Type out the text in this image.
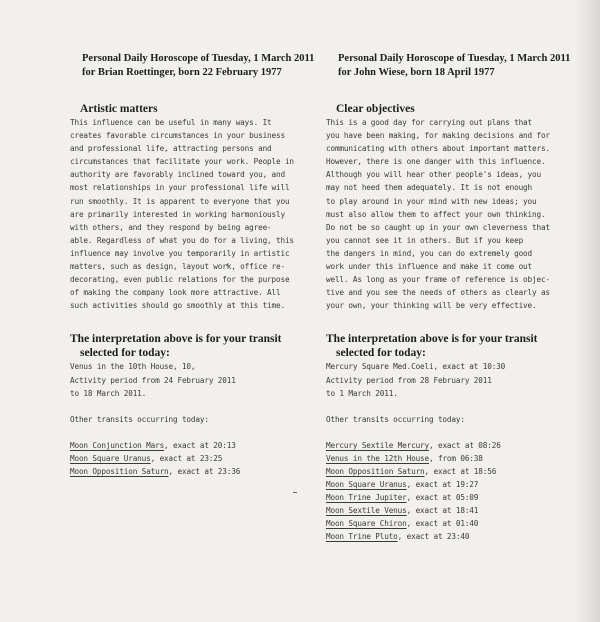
Personal Daily Horoscope of Tuesday, 1 March 2011
for Brian Roettinger, born 22 February 1977
Artistic matters
This influence can be useful in many ways. It
creates favorable circumstances in your business
and professional life, attracting persons and
circumstances that facilitate your work. People in
authority are favorably inclined toward you, and
most relationships in your professional life will
run smoothly. It is apparent to everyone that you
are primarily interested in working harmoniously
with others, and they respond by being agree-
able. Regardless of what you do for a living, this
influence may involve you temporarily in artistic
matters, such as design, layout work, office re-
decorating, even public relations for the purpose
of making the company look more attractive. All
such activities should go smoothly at this time.
The interpretation above is for your transit
selected for today:
Venus in the 10th House, 10,
Activity period from 24 February 2011
to 18 March 2011.
Other transits occurring today:
Moon Conjunction Mars, exact at 20:13
Moon Square Uranus, exact at 23:25
Moon Opposition Saturn, exact at 23:36
Personal Daily Horoscope of Tuesday, 1 March 2011
for John Wiese, born 18 April 1977
Clear objectives
This is a good day for carrying out plans that
you have been making, for making decisions and for
communicating with others about important matters.
However, there is one danger with this influence.
Although you will hear other people's ideas, you
may not heed them adequately. It is not enough
to play around in your mind with new ideas; you
must also allow them to affect your own thinking.
Do not be so caught up in your own cleverness that
you cannot see it in others. But if you keep
the dangers in mind, you can do extremely good
work under this influence and make it come out
well. As long as your frame of reference is objec-
tive and you see the needs of others as clearly as
your own, your thinking will be very effective.
The interpretation above is for your transit
selected for today:
Mercury Square Med.Coeli, exact at 10:30
Activity period from 28 February 2011
to 1 March 2011.
Other transits occurring today:
Mercury Sextile Mercury, exact at 08:26
Venus in the 12th House, from 06:38
Moon Opposition Saturn, exact at 18:56
Moon Square Uranus, exact at 19:27
Moon Trine Jupiter, exact at 05:09
Moon Sextile Venus, exact at 18:41
Moon Square Chiron, exact at 01:40
Moon Trine Pluto, exact at 23:40
